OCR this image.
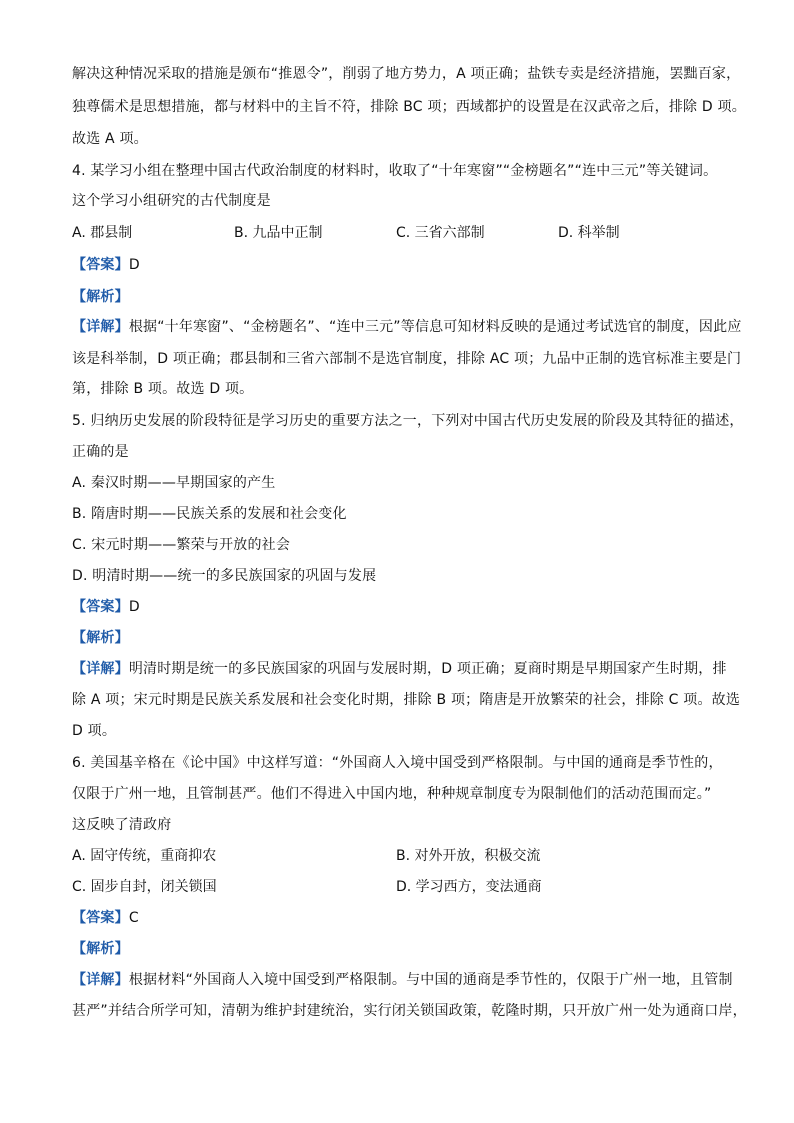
解决这种情况采取的措施是颁布“推恩令”，削弱了地方势力，A 项正确；盐铁专卖是经济措施，罢黜百家，
独尊儒术是思想措施，都与材料中的主旨不符，排除 BC 项；西域都护的设置是在汉武帝之后，排除 D 项。
故选 A 项。
4. 某学习小组在整理中国古代政治制度的材料时，收取了“十年寒窗”“金榜题名”“连中三元”等关键词。
这个学习小组研究的古代制度是
A. 郡县制	B. 九品中正制	C. 三省六部制	D. 科举制
【答案】D
【解析】
【详解】根据“十年寒窗”、“金榜题名”、“连中三元”等信息可知材料反映的是通过考试选官的制度，因此应
该是科举制，D 项正确；郡县制和三省六部制不是选官制度，排除 AC 项；九品中正制的选官标准主要是门
第，排除 B 项。故选 D 项。
5. 归纳历史发展的阶段特征是学习历史的重要方法之一，下列对中国古代历史发展的阶段及其特征的描述，
正确的是
A. 秦汉时期——早期国家的产生
B. 隋唐时期——民族关系的发展和社会变化
C. 宋元时期——繁荣与开放的社会
D. 明清时期——统一的多民族国家的巩固与发展
【答案】D
【解析】
【详解】明清时期是统一的多民族国家的巩固与发展时期，D 项正确；夏商时期是早期国家产生时期，排
除 A 项；宋元时期是民族关系发展和社会变化时期，排除 B 项；隋唐是开放繁荣的社会，排除 C 项。故选
D 项。
6. 美国基辛格在《论中国》中这样写道：“外国商人入境中国受到严格限制。与中国的通商是季节性的，
仅限于广州一地，且管制甚严。他们不得进入中国内地，种种规章制度专为限制他们的活动范围而定。”
这反映了清政府
A. 固守传统，重商抑农	B. 对外开放，积极交流
C. 固步自封，闭关锁国	D. 学习西方，变法通商
【答案】C
【解析】
【详解】根据材料“外国商人入境中国受到严格限制。与中国的通商是季节性的，仅限于广州一地，且管制
甚严”并结合所学可知，清朝为维护封建统治，实行闭关锁国政策，乾隆时期，只开放广州一处为通商口岸，
